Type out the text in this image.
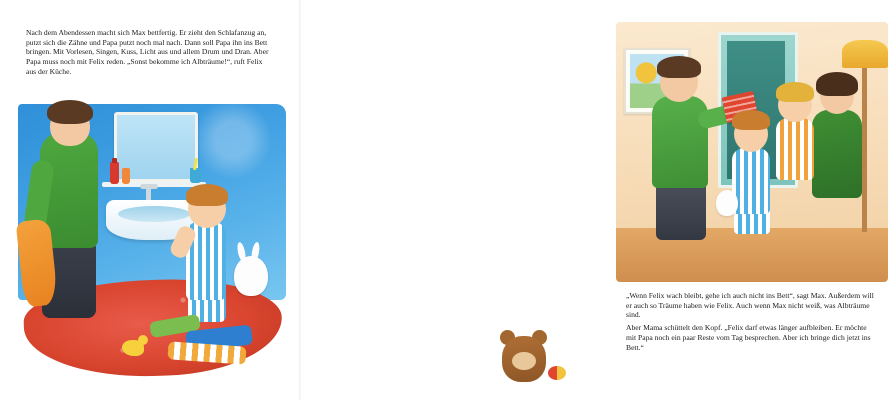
Nach dem Abendessen macht sich Max bettfertig. Er zieht den Schlafanzug an, putzt sich die Zähne und Papa putzt noch mal nach. Dann soll Papa ihn ins Bett bringen. Mit Vorlesen, Singen, Kuss, Licht aus und allem Drum und Dran. Aber Papa muss noch mit Felix reden. „Sonst bekomme ich Albträume!“, ruft Felix aus der Küche.

„Wenn Felix wach bleibt, gehe ich auch nicht ins Bett“, sagt Max. Außerdem will er auch so Träume haben wie Felix. Auch wenn Max nicht weiß, was Albträume sind.

Aber Mama schüttelt den Kopf. „Felix darf etwas länger aufbleiben. Er möchte mit Papa noch ein paar Reste vom Tag besprechen. Aber ich bringe dich jetzt ins Bett.“
